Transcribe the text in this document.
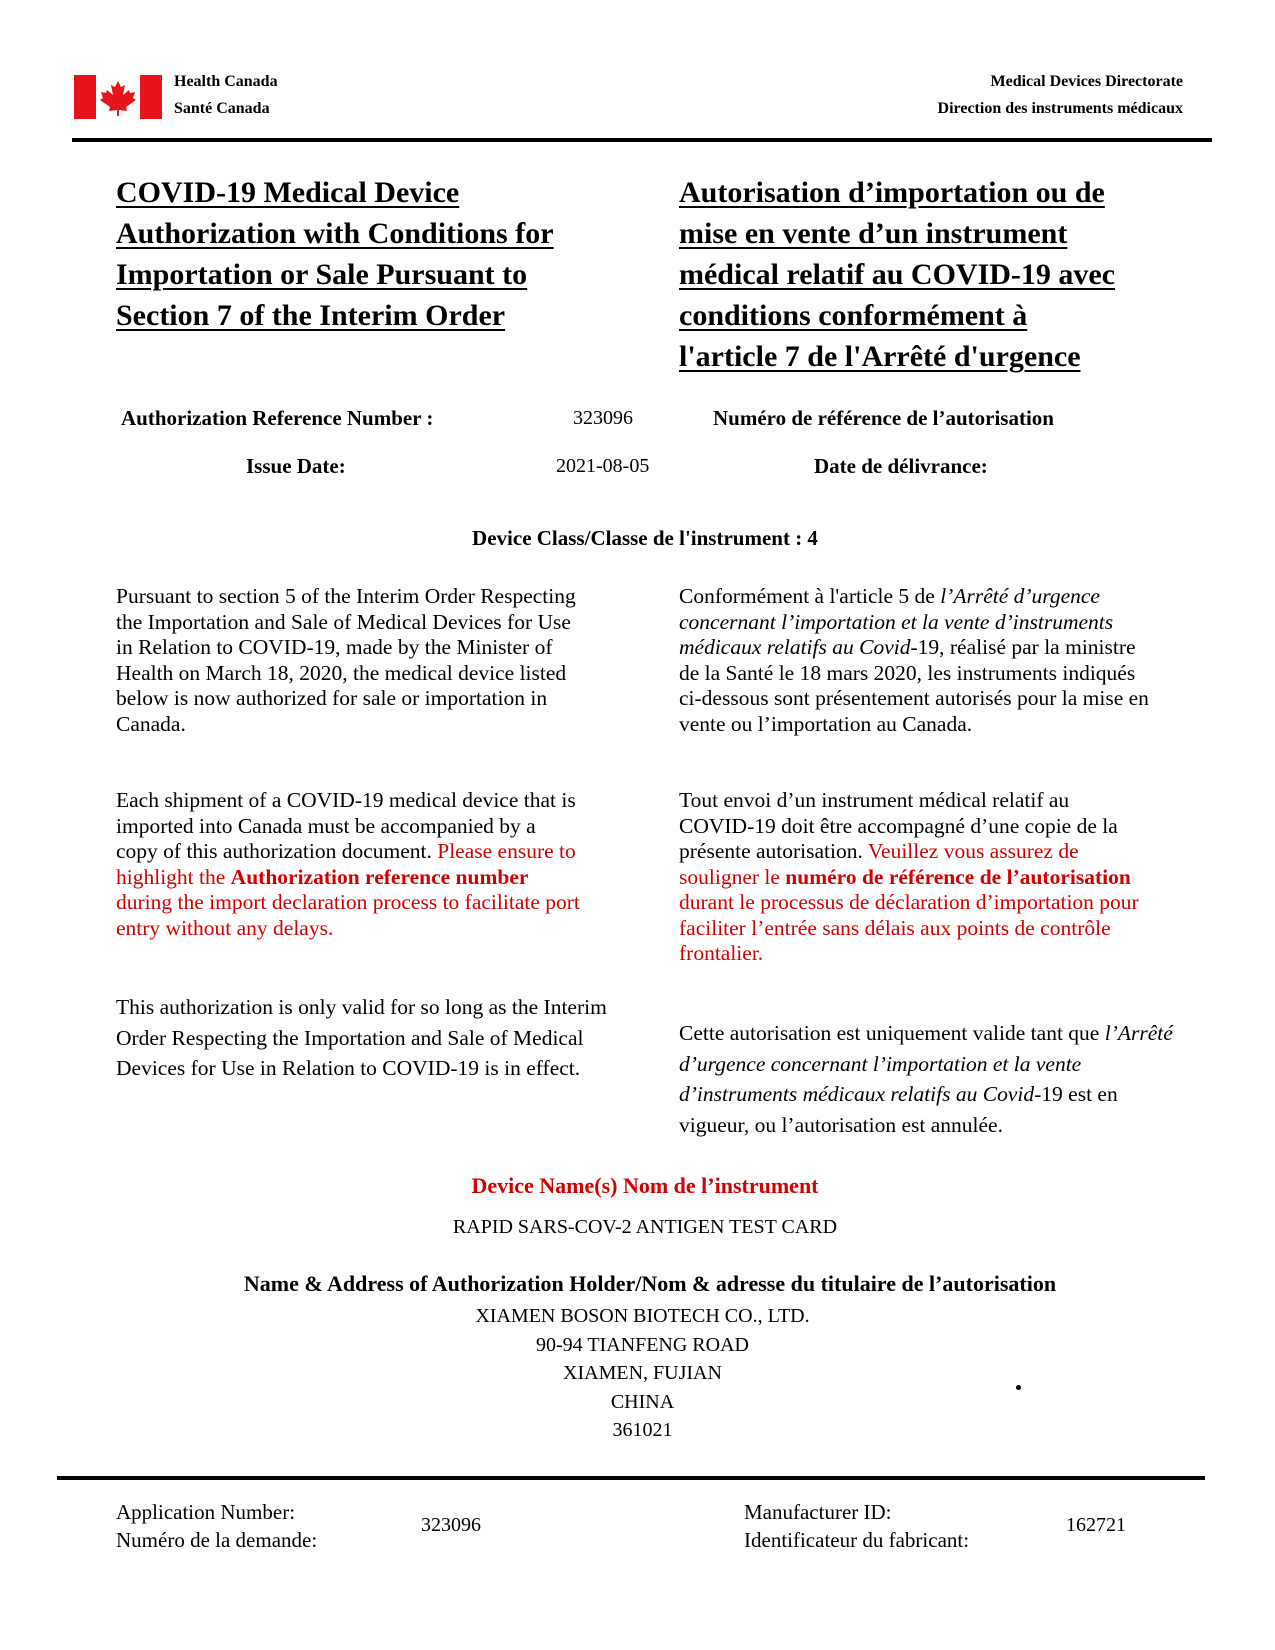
Health Canada
Santé Canada
Medical Devices Directorate
Direction des instruments médicaux
COVID-19 Medical Device
Authorization with Conditions for
Importation or Sale Pursuant to
Section 7 of the Interim Order
Autorisation d’importation ou de
mise en vente d’un instrument
médical relatif au COVID-19 avec
conditions conformément à
l'article 7 de l'Arrêté d'urgence
Authorization Reference Number :	323096	Numéro de référence de l’autorisation
Issue Date:	2021-08-05	Date de délivrance:
Device Class/Classe de l'instrument : 4
Pursuant to section 5 of the Interim Order Respecting the Importation and Sale of Medical Devices for Use in Relation to COVID-19, made by the Minister of Health on March 18, 2020, the medical device listed below is now authorized for sale or importation in Canada.
Each shipment of a COVID-19 medical device that is imported into Canada must be accompanied by a copy of this authorization document. Please ensure to highlight the Authorization reference number during the import declaration process to facilitate port entry without any delays.
This authorization is only valid for so long as the Interim Order Respecting the Importation and Sale of Medical Devices for Use in Relation to COVID-19 is in effect.
Conformément à l'article 5 de l’Arrêté d’urgence concernant l’importation et la vente d’instruments médicaux relatifs au Covid-19, réalisé par la ministre de la Santé le 18 mars 2020, les instruments indiqués ci-dessous sont présentement autorisés pour la mise en vente ou l’importation au Canada.
Tout envoi d’un instrument médical relatif au COVID-19 doit être accompagné d’une copie de la présente autorisation. Veuillez vous assurez de souligner le numéro de référence de l’autorisation durant le processus de déclaration d’importation pour faciliter l’entrée sans délais aux points de contrôle frontalier.
Cette autorisation est uniquement valide tant que l’Arrêté d’urgence concernant l’importation et la vente d’instruments médicaux relatifs au Covid-19 est en vigueur, ou l’autorisation est annulée.
Device Name(s) Nom de l’instrument
RAPID SARS-COV-2 ANTIGEN TEST CARD
Name & Address of Authorization Holder/Nom & adresse du titulaire de l’autorisation
XIAMEN BOSON BIOTECH CO., LTD.
90-94 TIANFENG ROAD
XIAMEN, FUJIAN
CHINA
361021
Application Number:
Numéro de la demande:
323096
Manufacturer ID:
Identificateur du fabricant:
162721
